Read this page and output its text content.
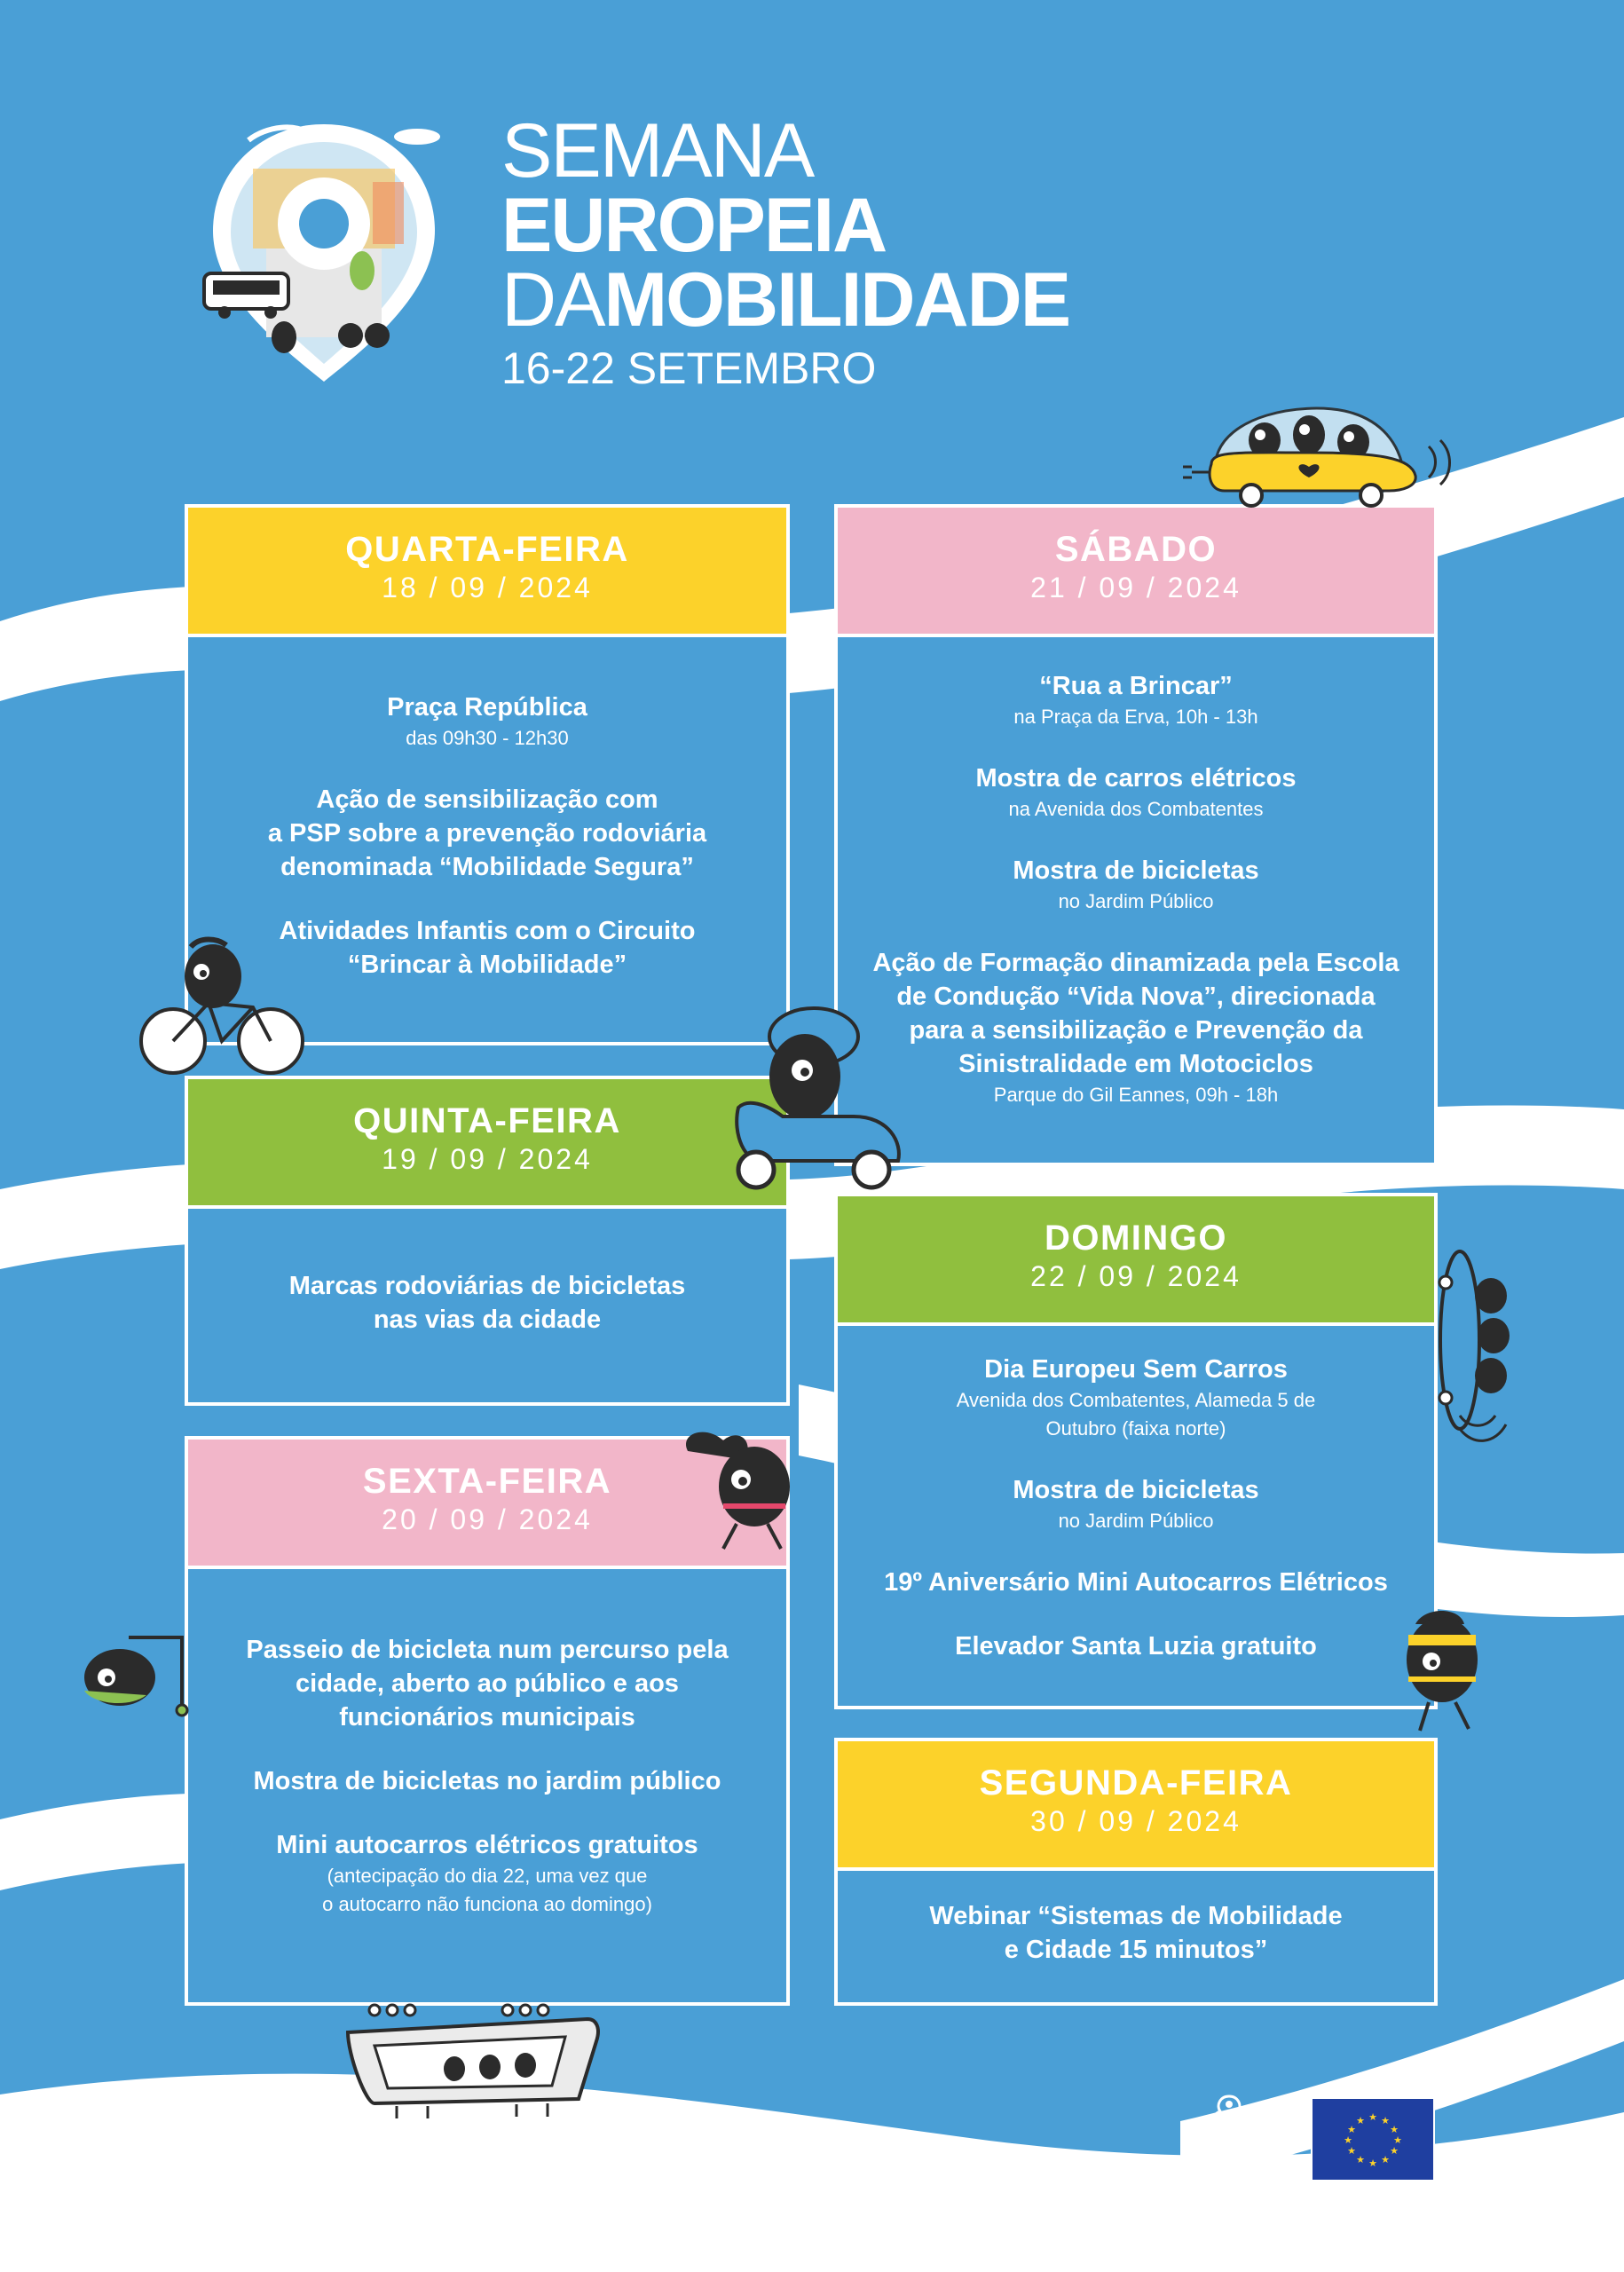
SEMANA
EUROPEIA
DAMOBILIDADE
16-22 SETEMBRO
QUARTA-FEIRA
18 / 09 / 2024
Praça República
das 09h30 - 12h30
Ação de sensibilização com
a PSP sobre a prevenção rodoviária
denominada “Mobilidade Segura”
Atividades Infantis com o Circuito
“Brincar à Mobilidade”
QUINTA-FEIRA
19 / 09 / 2024
Marcas rodoviárias de bicicletas
nas vias da cidade
SEXTA-FEIRA
20 / 09 / 2024
Passeio de bicicleta num percurso pela
cidade, aberto ao público e aos
funcionários municipais
Mostra de bicicletas no jardim público
Mini autocarros elétricos gratuitos
(antecipação do dia 22, uma vez que
o autocarro não funciona ao domingo)
SÁBADO
21 / 09 / 2024
“Rua a Brincar”
na Praça da Erva, 10h - 13h
Mostra de carros elétricos
na Avenida dos Combatentes
Mostra de bicicletas
no Jardim Público
Ação de Formação dinamizada pela Escola
de Condução “Vida Nova”, direcionada
para a sensibilização e Prevenção da
Sinistralidade em Motociclos
Parque do Gil Eannes, 09h - 18h
DOMINGO
22 / 09 / 2024
Dia Europeu Sem Carros
Avenida dos Combatentes, Alameda 5 de
Outubro (faixa norte)
Mostra de bicicletas
no Jardim Público
19º Aniversário Mini Autocarros Elétricos
Elevador Santa Luzia gratuito
SEGUNDA-FEIRA
30 / 09 / 2024
Webinar “Sistemas de Mobilidade
e Cidade 15 minutos”
CÂMARA MUNICIPAL
VIANA DO CASTELO
★ ★
★
★
★
★
★
★
★
★
★
★
